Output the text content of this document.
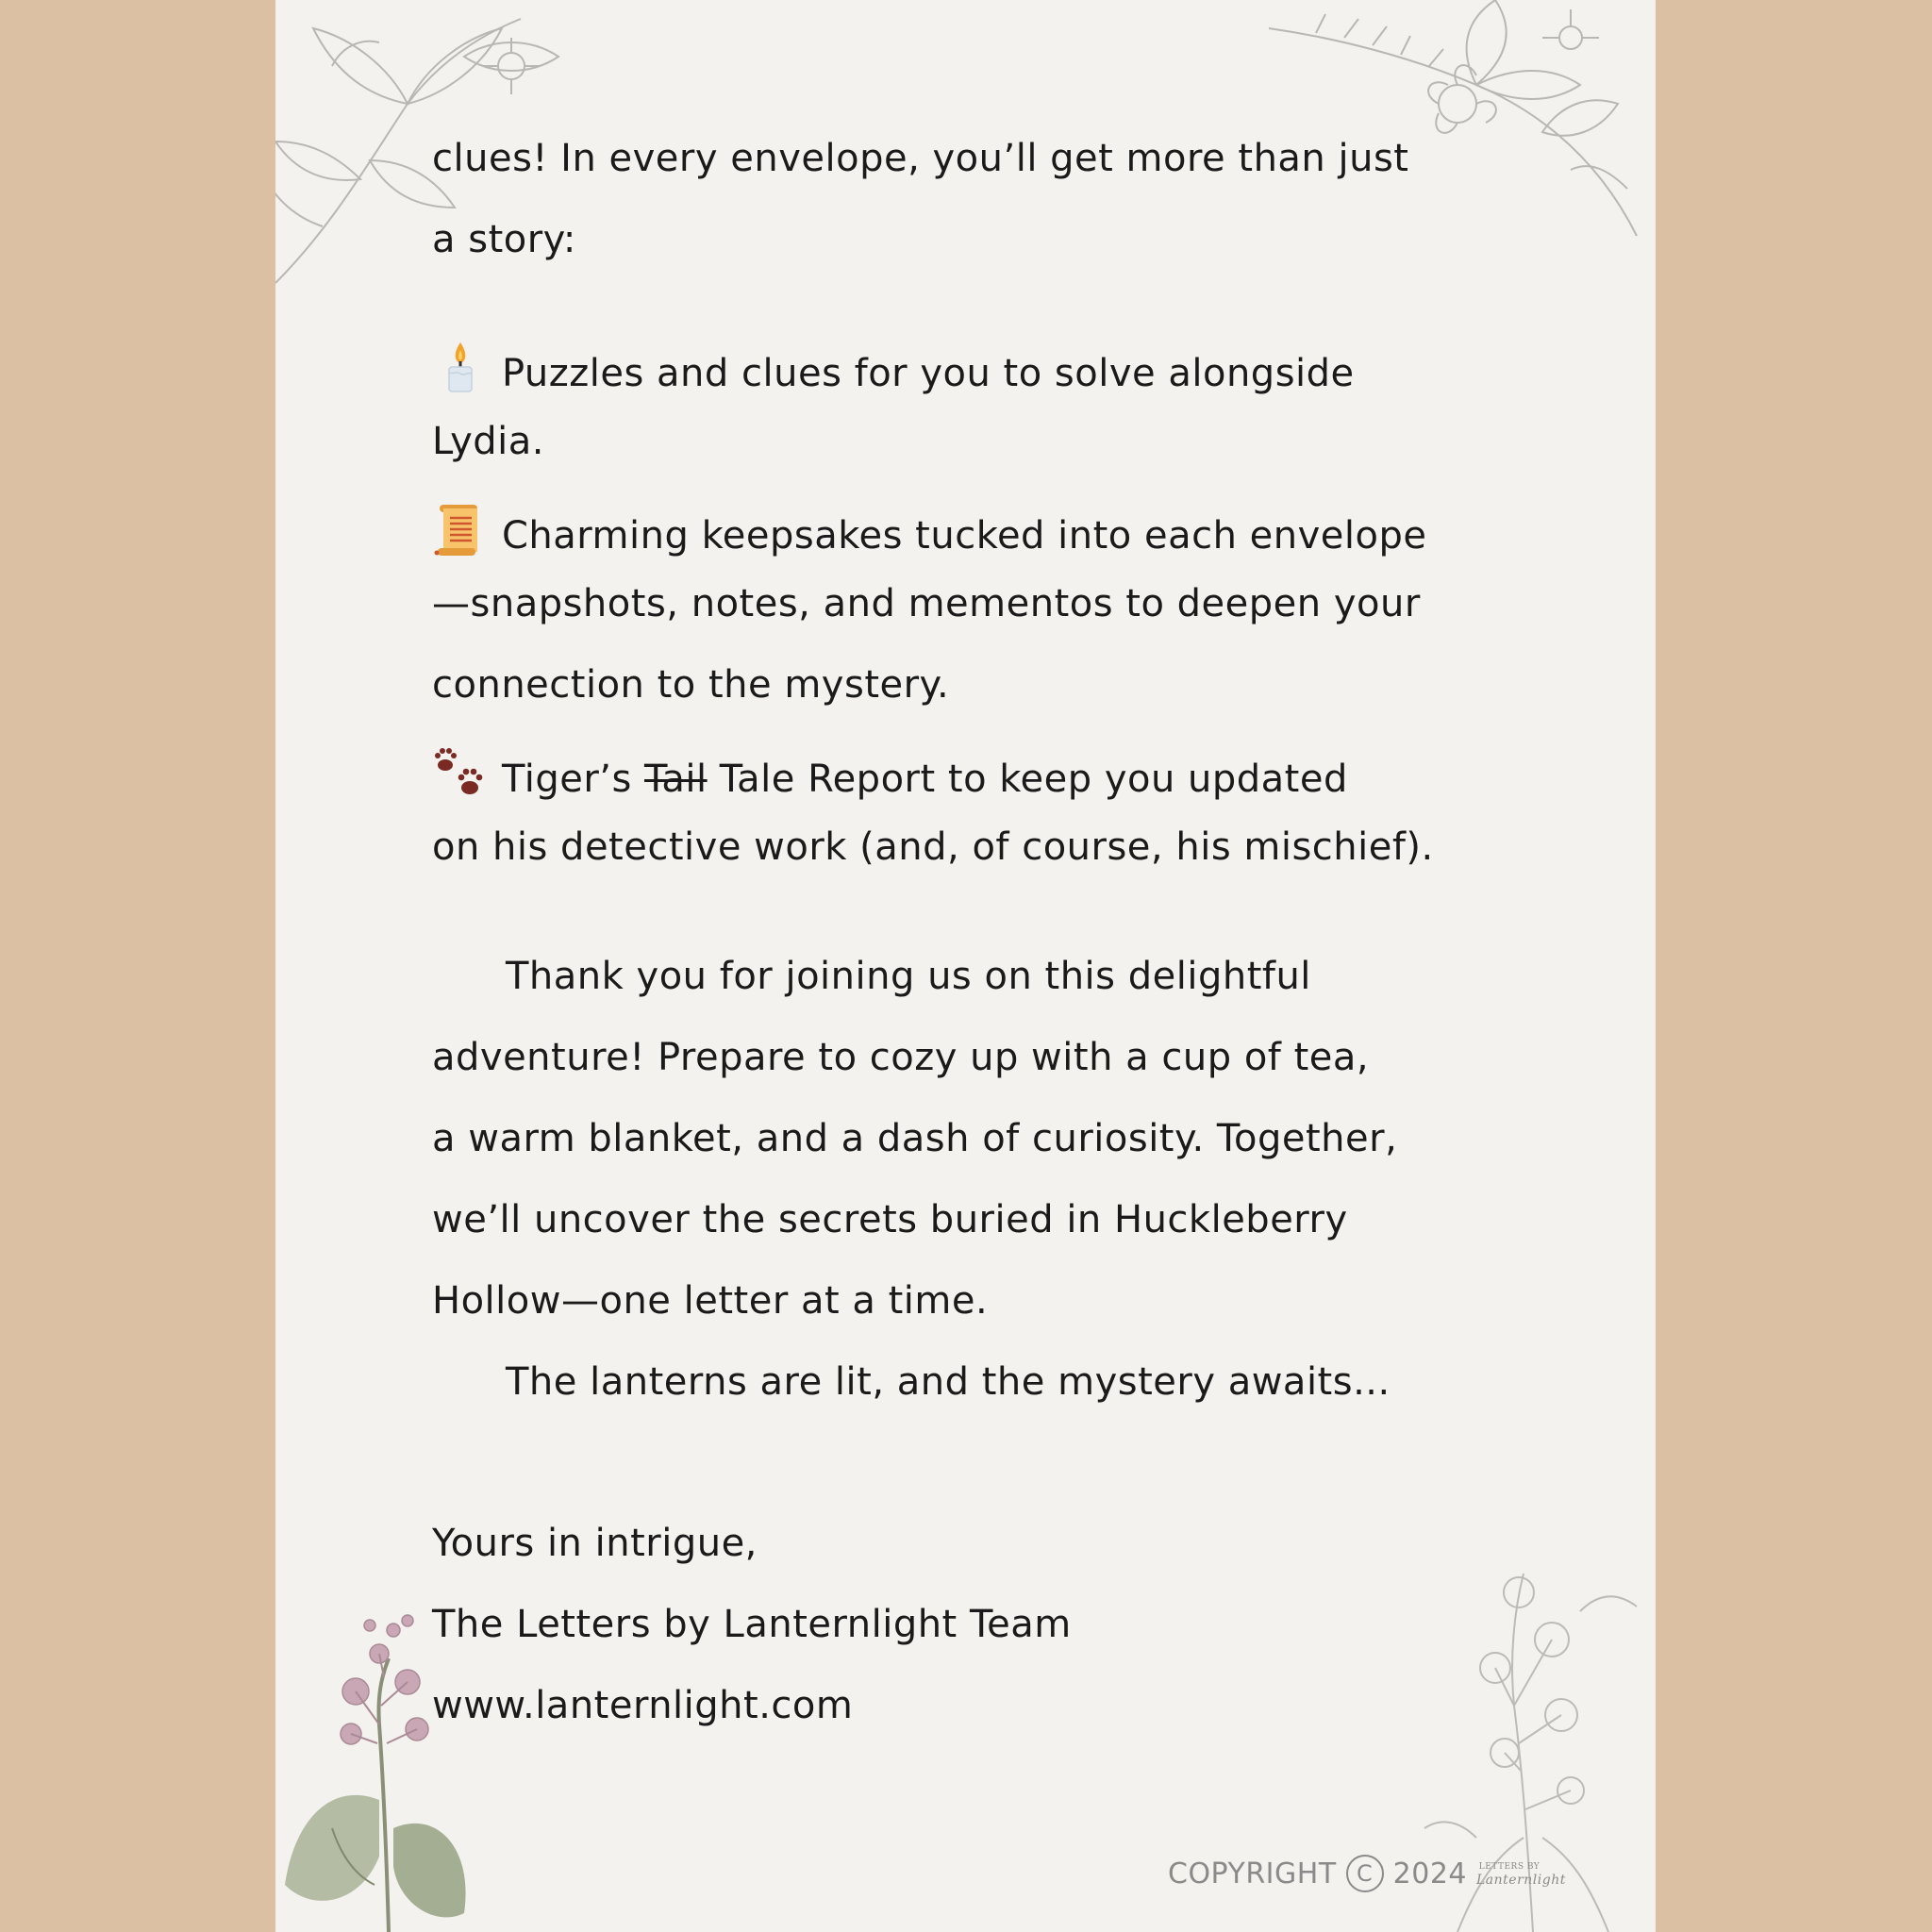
clues! In every envelope, you’ll get more than just
a story:
Puzzles and clues for you to solve alongside
Lydia.
Charming keepsakes tucked into each envelope
—snapshots, notes, and mementos to deepen your
connection to the mystery.
Tiger’s Tail Tale Report to keep you updated
on his detective work (and, of course, his mischief).
Thank you for joining us on this delightful
adventure! Prepare to cozy up with a cup of tea,
a warm blanket, and a dash of curiosity. Together,
we’ll uncover the secrets buried in Huckleberry
Hollow—one letter at a time.
The lanterns are lit, and the mystery awaits...
Yours in intrigue,
The Letters by Lanternlight Team
www.lanternlight.com
COPYRIGHT C 2024	LETTERS BY
Lanternlight
